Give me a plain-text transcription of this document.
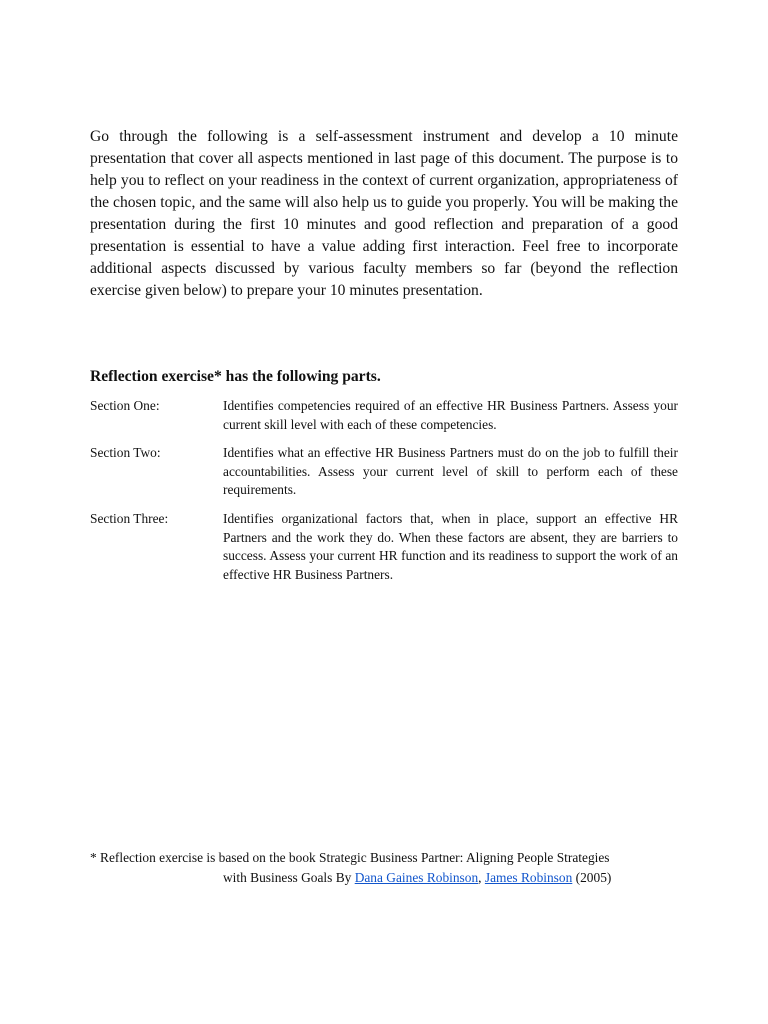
Go through the following is a self-assessment instrument and develop a 10 minute presentation that cover all aspects mentioned in last page of this document. The purpose is to help you to reflect on your readiness in the context of current organization, appropriateness of the chosen topic, and the same will also help us to guide you properly. You will be making the presentation during the first 10 minutes and good reflection and preparation of a good presentation is essential to have a value adding first interaction. Feel free to incorporate additional aspects discussed by various faculty members so far (beyond the reflection exercise given below) to prepare your 10 minutes presentation.

Reflection exercise* has the following parts.

Section One:	Identifies competencies required of an effective HR Business Partners. Assess your current skill level with each of these competencies.
Section Two:	Identifies what an effective HR Business Partners must do on the job to fulfill their accountabilities. Assess your current level of skill to perform each of these requirements.
Section Three:	Identifies organizational factors that, when in place, support an effective HR Partners and the work they do. When these factors are absent, they are barriers to success. Assess your current HR function and its readiness to support the work of an effective HR Business Partners.
* Reflection exercise is based on the book Strategic Business Partner: Aligning People Strategies
with Business Goals By Dana Gaines Robinson, James Robinson (2005)
